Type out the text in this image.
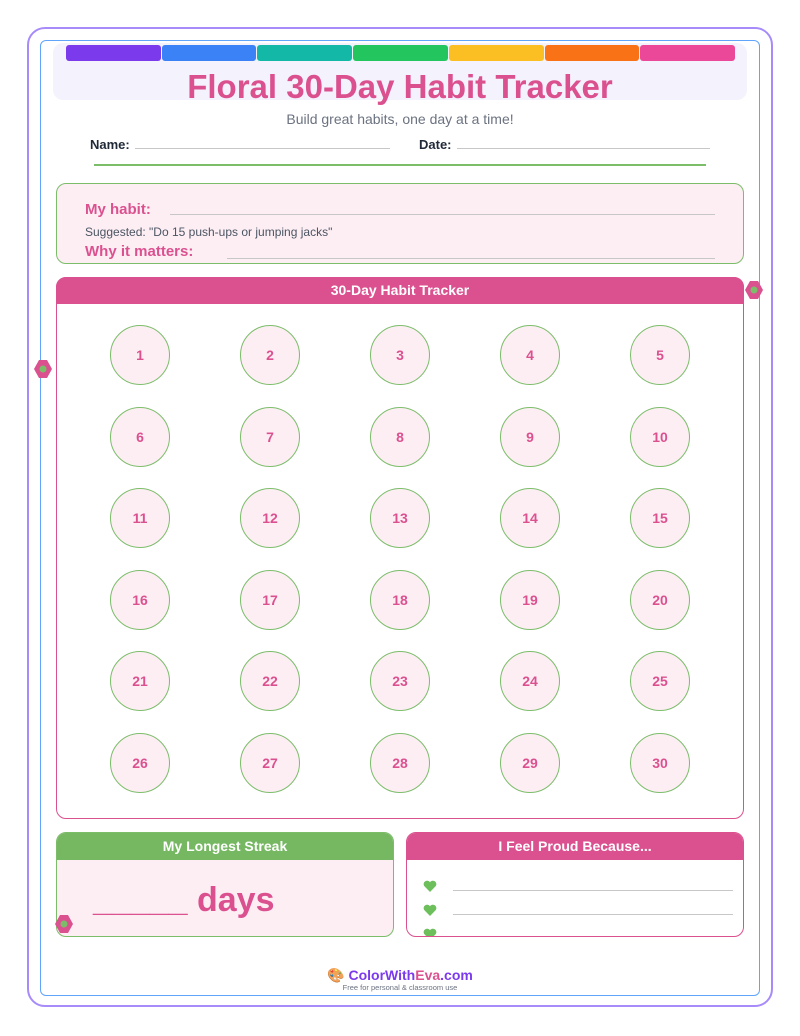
Floral 30-Day Habit Tracker
Build great habits, one day at a time!
Name:	Date:
My habit:
Suggested: "Do 15 push-ups or jumping jacks"
Why it matters:
30-Day Habit Tracker
1	2	3	4	5
6	7	8	9	10
11	12	13	14	15
16	17	18	19	20
21	22	23	24	25
26	27	28	29	30
My Longest Streak
_____ days
I Feel Proud Because...
🎨 ColorWithEva.com
Free for personal & classroom use
